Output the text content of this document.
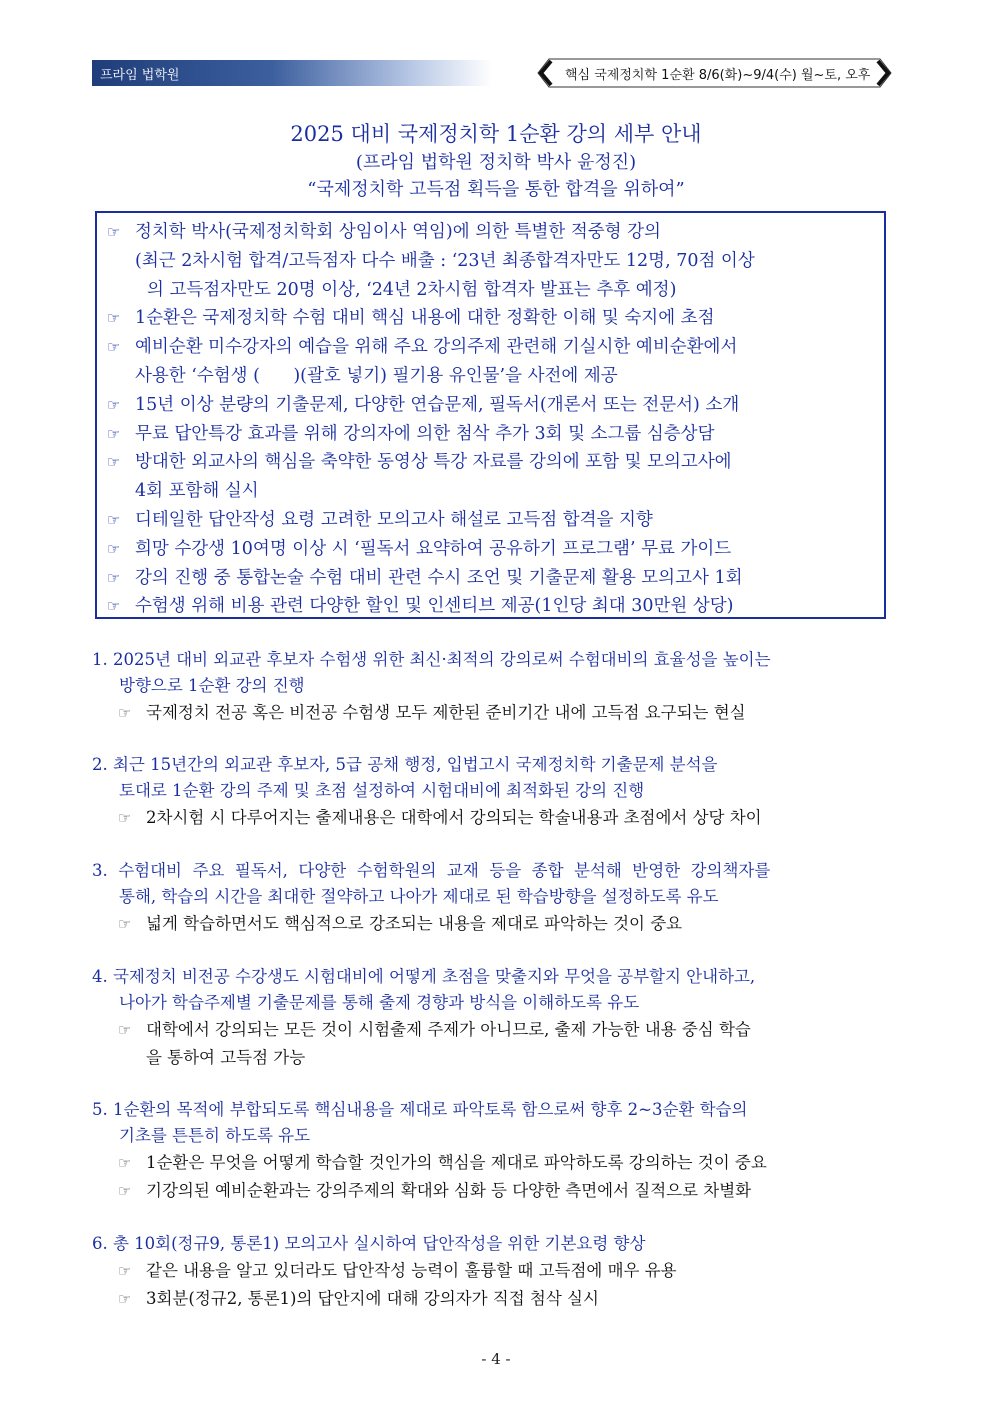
프라임 법학원	핵심 국제정치학 1순환 8/6(화)~9/4(수) 월~토, 오후
2025 대비 국제정치학 1순환 강의 세부 안내
(프라임 법학원 정치학 박사 윤정진)
“국제정치학 고득점 획득을 통한 합격을 위하여”
☞ 정치학 박사(국제정치학회 상임이사 역임)에 의한 특별한 적중형 강의
(최근 2차시험 합격/고득점자 다수 배출 : ‘23년 최종합격자만도 12명, 70점 이상
의 고득점자만도 20명 이상, ‘24년 2차시험 합격자 발표는 추후 예정)
☞ 1순환은 국제정치학 수험 대비 핵심 내용에 대한 정확한 이해 및 숙지에 초점
☞ 예비순환 미수강자의 예습을 위해 주요 강의주제 관련해 기실시한 예비순환에서
사용한 ‘수험생 (      )(괄호 넣기) 필기용 유인물’을 사전에 제공
☞ 15년 이상 분량의 기출문제, 다양한 연습문제, 필독서(개론서 또는 전문서) 소개
☞ 무료 답안특강 효과를 위해 강의자에 의한 첨삭 추가 3회 및 소그룹 심층상담
☞ 방대한 외교사의 핵심을 축약한 동영상 특강 자료를 강의에 포함 및 모의고사에
4회 포함해 실시
☞ 디테일한 답안작성 요령 고려한 모의고사 해설로 고득점 합격을 지향
☞ 희망 수강생 10여명 이상 시 ‘필독서 요약하여 공유하기 프로그램’ 무료 가이드
☞ 강의 진행 중 통합논술 수험 대비 관련 수시 조언 및 기출문제 활용 모의고사 1회
☞ 수험생 위해 비용 관련 다양한 할인 및 인센티브 제공(1인당 최대 30만원 상당)
1. 2025년 대비 외교관 후보자 수험생 위한 최신·최적의 강의로써 수험대비의 효율성을 높이는
방향으로 1순환 강의 진행
☞ 국제정치 전공 혹은 비전공 수험생 모두 제한된 준비기간 내에 고득점 요구되는 현실
2. 최근 15년간의 외교관 후보자, 5급 공채 행정, 입법고시 국제정치학 기출문제 분석을
토대로 1순환 강의 주제 및 초점 설정하여 시험대비에 최적화된 강의 진행
☞ 2차시험 시 다루어지는 출제내용은 대학에서 강의되는 학술내용과 초점에서 상당 차이
3.  수험대비  주요  필독서,  다양한  수험학원의  교재  등을  종합  분석해  반영한  강의책자를
통해, 학습의 시간을 최대한 절약하고 나아가 제대로 된 학습방향을 설정하도록 유도
☞ 넓게 학습하면서도 핵심적으로 강조되는 내용을 제대로 파악하는 것이 중요
4. 국제정치 비전공 수강생도 시험대비에 어떻게 초점을 맞출지와 무엇을 공부할지 안내하고,
나아가 학습주제별 기출문제를 통해 출제 경향과 방식을 이해하도록 유도
☞ 대학에서 강의되는 모든 것이 시험출제 주제가 아니므로, 출제 가능한 내용 중심 학습
을 통하여 고득점 가능
5. 1순환의 목적에 부합되도록 핵심내용을 제대로 파악토록 함으로써 향후 2~3순환 학습의
기초를 튼튼히 하도록 유도
☞ 1순환은 무엇을 어떻게 학습할 것인가의 핵심을 제대로 파악하도록 강의하는 것이 중요
☞ 기강의된 예비순환과는 강의주제의 확대와 심화 등 다양한 측면에서 질적으로 차별화
6. 총 10회(정규9, 통론1) 모의고사 실시하여 답안작성을 위한 기본요령 향상
☞ 같은 내용을 알고 있더라도 답안작성 능력이 훌륭할 때 고득점에 매우 유용
☞ 3회분(정규2, 통론1)의 답안지에 대해 강의자가 직접 첨삭 실시
- 4 -
